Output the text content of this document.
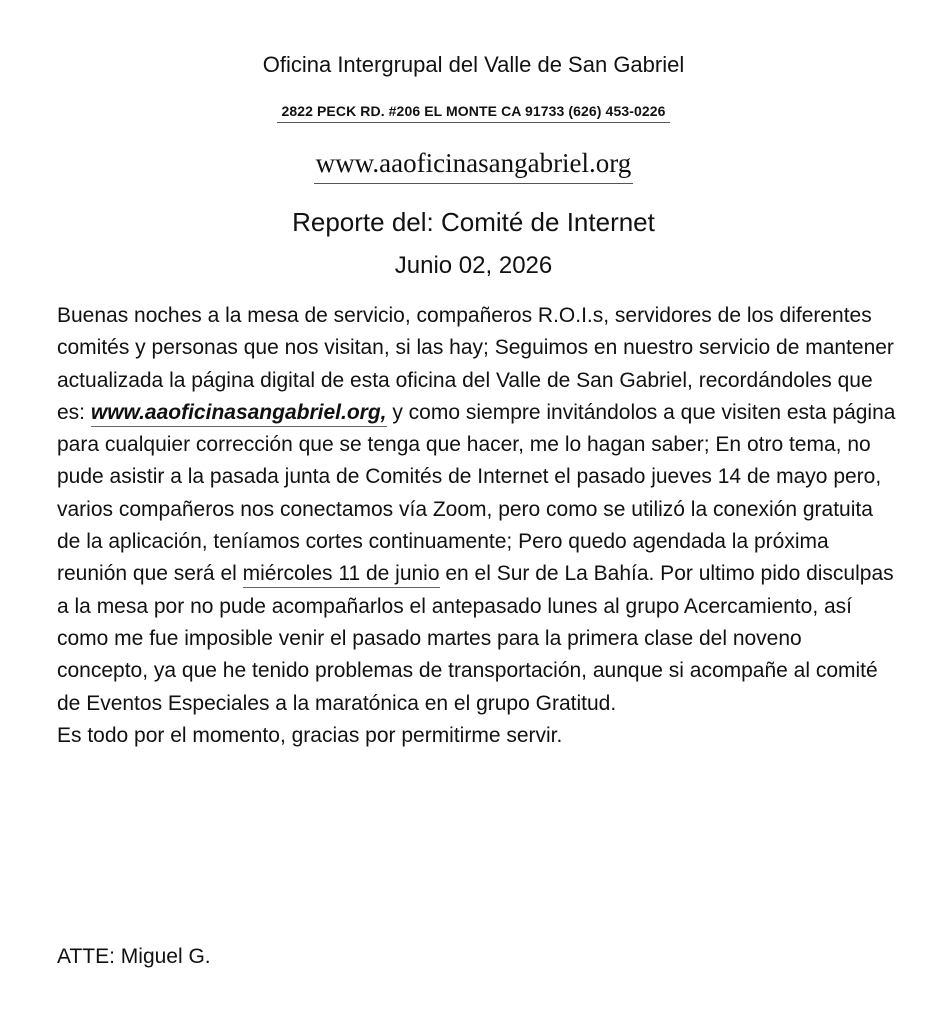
Oficina Intergrupal del Valle de San Gabriel
2822 PECK RD. #206 EL MONTE CA 91733 (626) 453-0226
www.aaoficinasangabriel.org
Reporte del: Comité de Internet
Junio 02, 2026

Buenas noches a la mesa de servicio, compañeros R.O.I.s, servidores de los diferentes comités y personas que nos visitan, si las hay; Seguimos en nuestro servicio de mantener actualizada la página digital de esta oficina del Valle de San Gabriel, recordándoles que es: www.aaoficinasangabriel.org, y como siempre invitándolos a que visiten esta página para cualquier corrección que se tenga que hacer, me lo hagan saber; En otro tema, no pude asistir a la pasada junta de Comités de Internet el pasado jueves 14 de mayo pero, varios compañeros nos conectamos vía Zoom, pero como se utilizó la conexión gratuita de la aplicación, teníamos cortes continuamente; Pero quedo agendada la próxima reunión que será el miércoles 11 de junio en el Sur de La Bahía. Por ultimo pido disculpas a la mesa por no pude acompañarlos el antepasado lunes al grupo Acercamiento, así como me fue imposible venir el pasado martes para la primera clase del noveno concepto, ya que he tenido problemas de transportación, aunque si acompañe al comité de Eventos Especiales a la maratónica en el grupo Gratitud.

Es todo por el momento, gracias por permitirme servir.

ATTE: Miguel G.
